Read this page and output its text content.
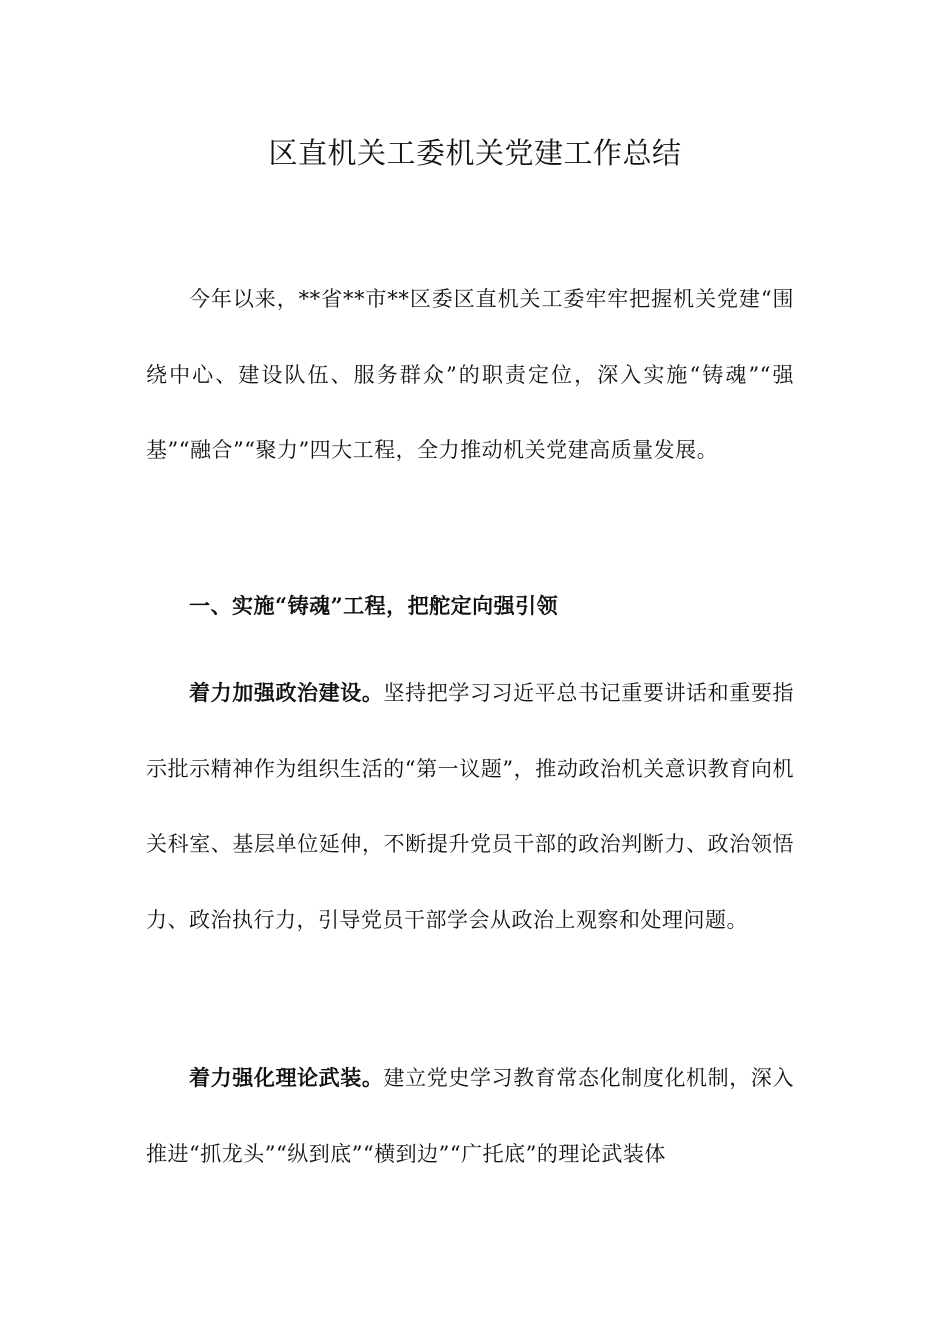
区直机关工委机关党建工作总结

今年以来，**省**市**区委区直机关工委牢牢把握机关党建“围绕中心、建设队伍、服务群众”的职责定位，深入实施“铸魂”“强基”“融合”“聚力”四大工程，全力推动机关党建高质量发展。

一、实施“铸魂”工程，把舵定向强引领

着力加强政治建设。坚持把学习习近平总书记重要讲话和重要指示批示精神作为组织生活的“第一议题”，推动政治机关意识教育向机关科室、基层单位延伸，不断提升党员干部的政治判断力、政治领悟力、政治执行力，引导党员干部学会从政治上观察和处理问题。

着力强化理论武装。建立党史学习教育常态化制度化机制，深入推进“抓龙头”“纵到底”“横到边”“广托底”的理论武装体
